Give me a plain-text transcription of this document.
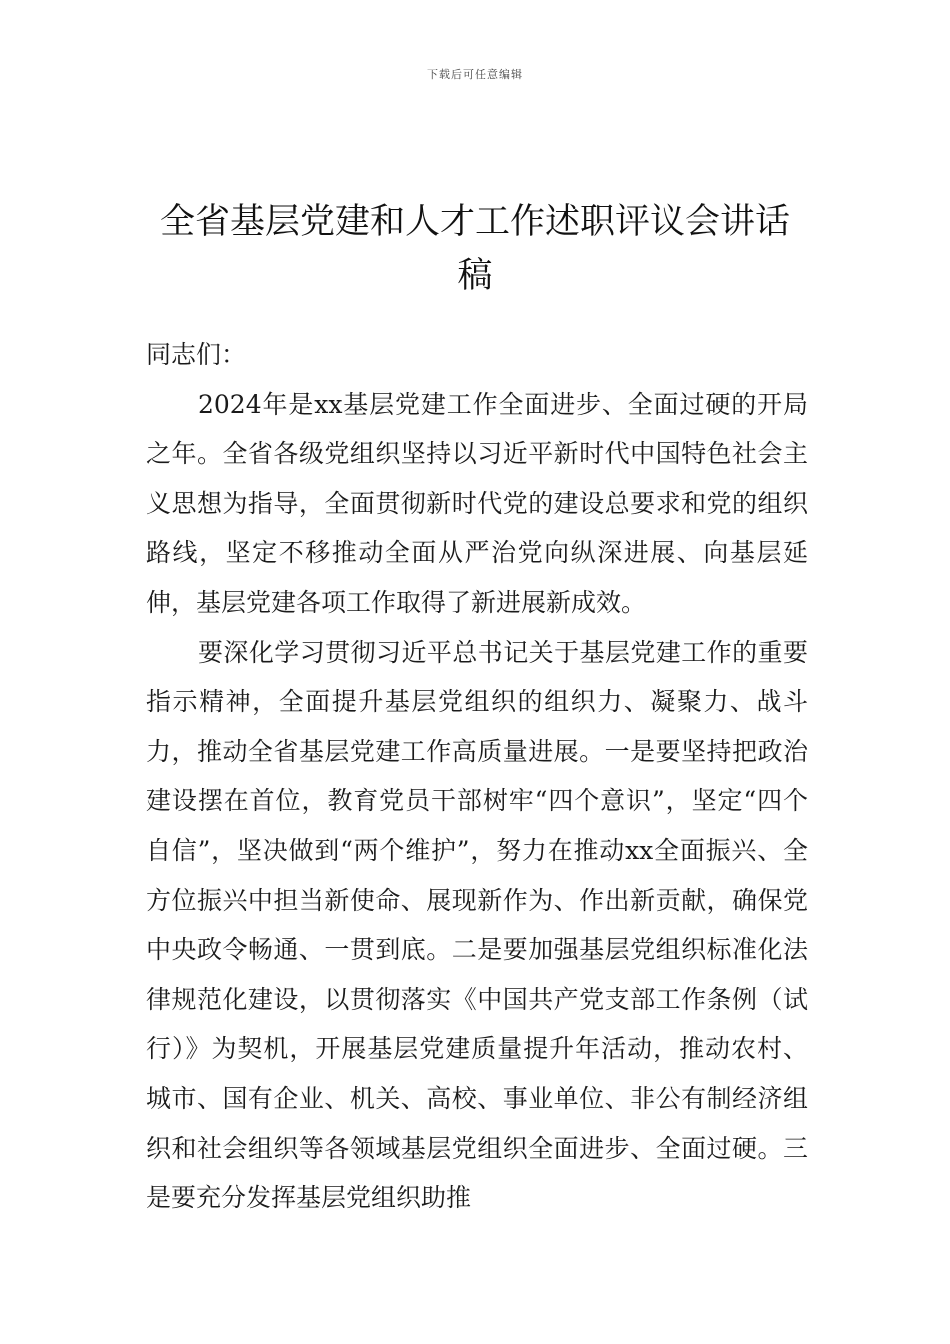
下载后可任意编辑
全省基层党建和人才工作述职评议会讲话稿

同志们：

2024年是xx基层党建工作全面进步、全面过硬的开局之年。全省各级党组织坚持以习近平新时代中国特色社会主义思想为指导，全面贯彻新时代党的建设总要求和党的组织路线，坚定不移推动全面从严治党向纵深进展、向基层延伸，基层党建各项工作取得了新进展新成效。

要深化学习贯彻习近平总书记关于基层党建工作的重要指示精神，全面提升基层党组织的组织力、凝聚力、战斗力，推动全省基层党建工作高质量进展。一是要坚持把政治建设摆在首位，教育党员干部树牢“四个意识”，坚定“四个自信”，坚决做到“两个维护”，努力在推动xx全面振兴、全方位振兴中担当新使命、展现新作为、作出新贡献，确保党中央政令畅通、一贯到底。二是要加强基层党组织标准化法律规范化建设，以贯彻落实《中国共产党支部工作条例（试行）》为契机，开展基层党建质量提升年活动，推动农村、城市、国有企业、机关、高校、事业单位、非公有制经济组织和社会组织等各领域基层党组织全面进步、全面过硬。三是要充分发挥基层党组织助推
